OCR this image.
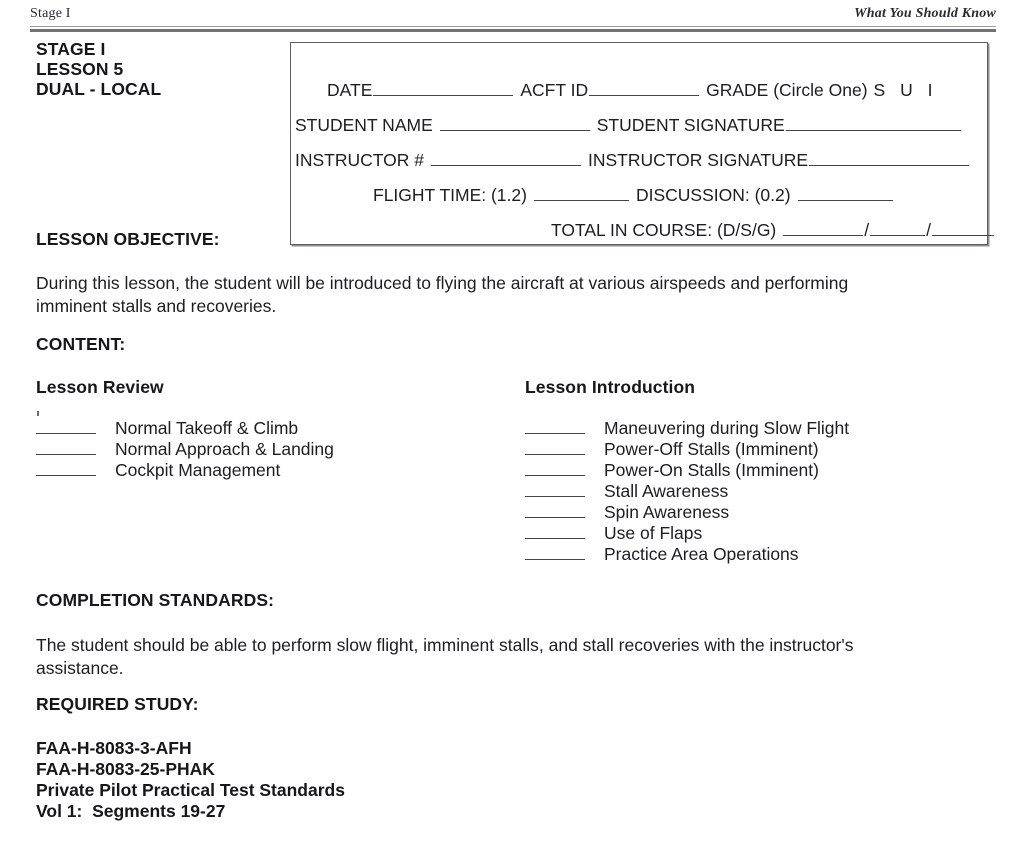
Stage I	What You Should Know
STAGE I
LESSON 5
DUAL - LOCAL	DATE	ACFT ID	GRADE (Circle One) S U I
STUDENT NAME	STUDENT SIGNATURE
INSTRUCTOR #	INSTRUCTOR SIGNATURE
FLIGHT TIME: (1.2)	DISCUSSION: (0.2)
TOTAL IN COURSE: (D/S/G)	/	/
LESSON OBJECTIVE:
During this lesson, the student will be introduced to flying the aircraft at various airspeeds and performing
imminent stalls and recoveries.
CONTENT:
Lesson Review
Normal Takeoff & Climb
Normal Approach & Landing
Cockpit Management
Lesson Introduction
Maneuvering during Slow Flight
Power-Off Stalls (Imminent)
Power-On Stalls (Imminent)
Stall Awareness
Spin Awareness
Use of Flaps
Practice Area Operations
COMPLETION STANDARDS:
The student should be able to perform slow flight, imminent stalls, and stall recoveries with the instructor's
assistance.
REQUIRED STUDY:
FAA-H-8083-3-AFH
FAA-H-8083-25-PHAK
Private Pilot Practical Test Standards
Vol 1:  Segments 19-27
